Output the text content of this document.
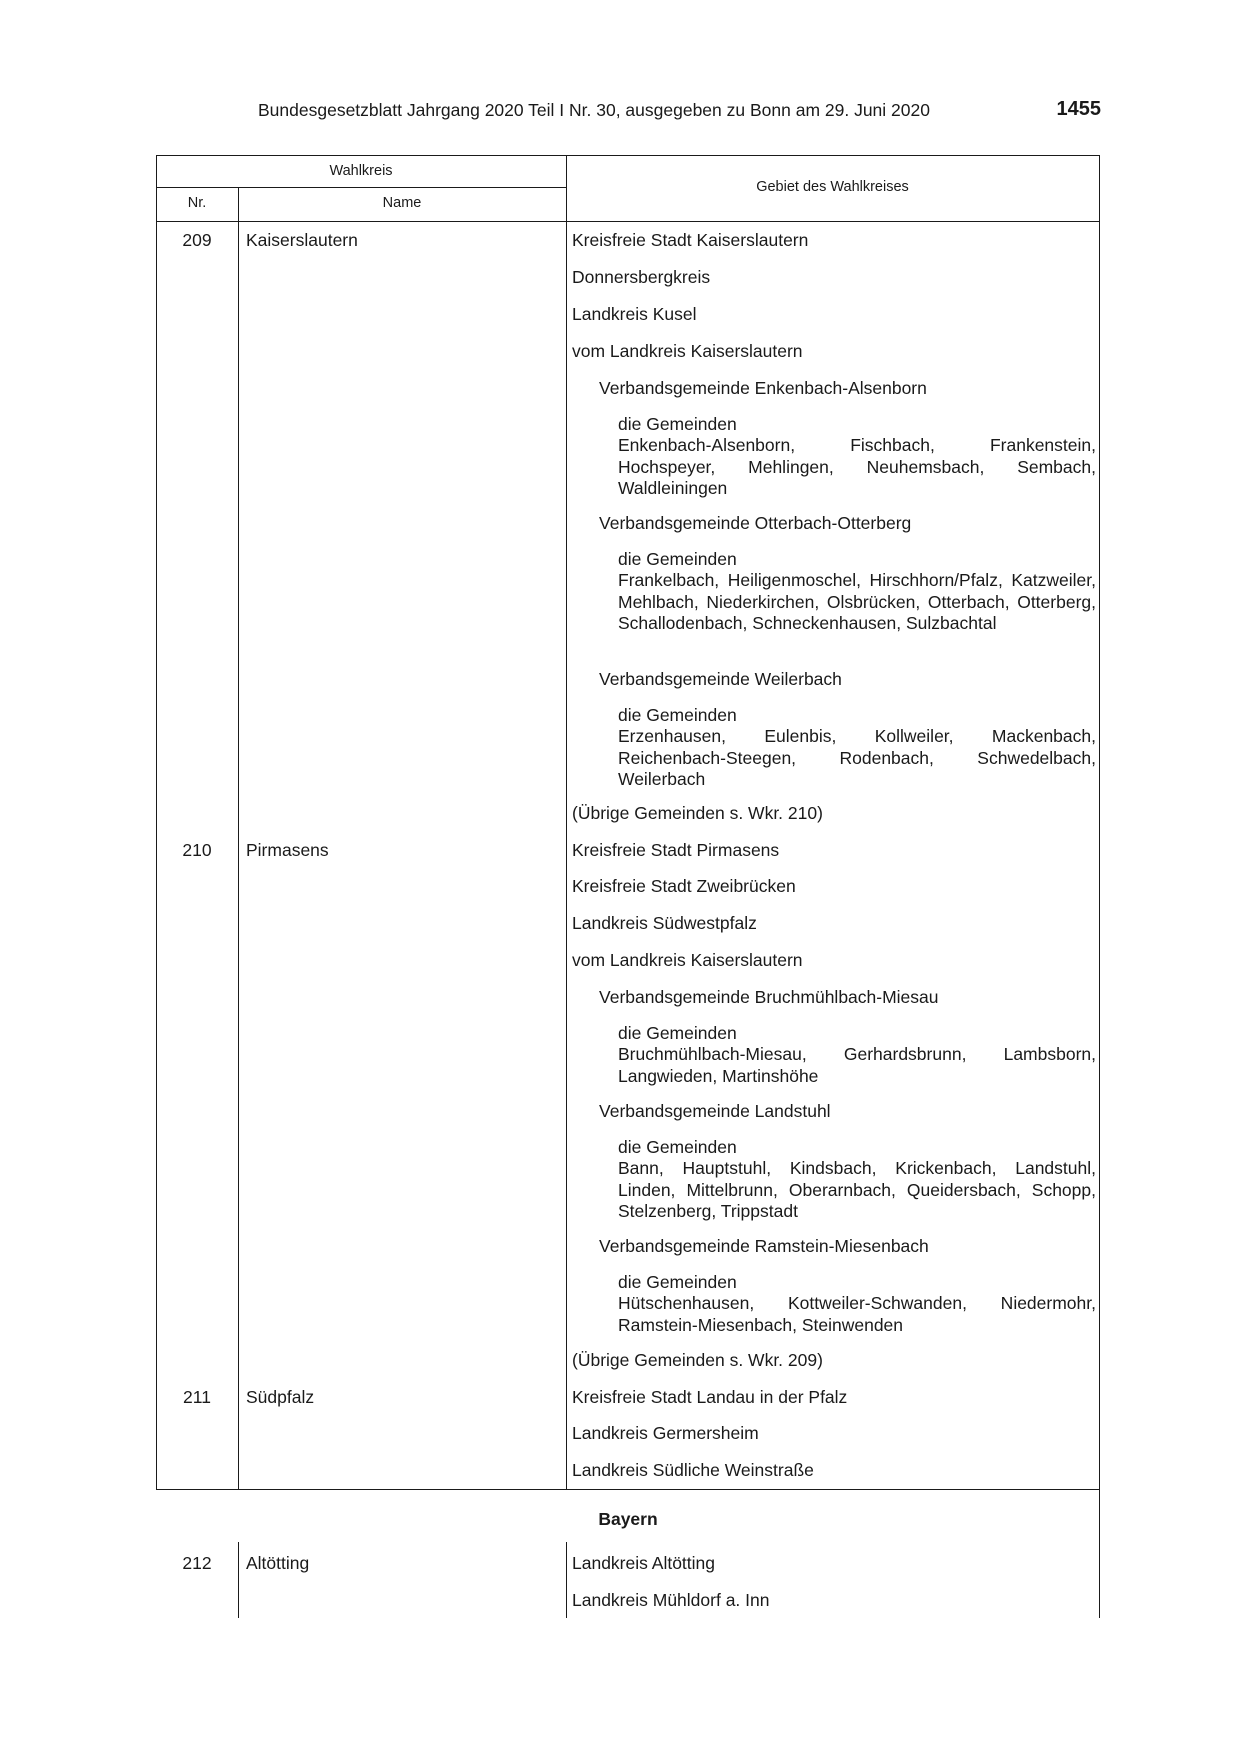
Bundesgesetzblatt Jahrgang 2020 Teil I Nr. 30, ausgegeben zu Bonn am 29. Juni 2020	1455
Wahlkreis
Nr.	Name
Gebiet des Wahlkreises
209	Kaiserslautern	Kreisfreie Stadt Kaiserslautern
Donnersbergkreis
Landkreis Kusel
vom Landkreis Kaiserslautern
Verbandsgemeinde Enkenbach-Alsenborn
die Gemeinden
Enkenbach-Alsenborn, Fischbach, Frankenstein, Hochspeyer, Mehlingen, Neuhemsbach, Sembach, Waldleiningen
Verbandsgemeinde Otterbach-Otterberg
die Gemeinden
Frankelbach, Heiligenmoschel, Hirschhorn/Pfalz, Katzweiler, Mehlbach, Niederkirchen, Olsbrücken, Otterbach, Otterberg, Schallodenbach, Schneckenhausen, Sulzbachtal
Verbandsgemeinde Weilerbach
die Gemeinden
Erzenhausen, Eulenbis, Kollweiler, Mackenbach, Reichenbach-Steegen, Rodenbach, Schwedelbach, Weilerbach
(Übrige Gemeinden s. Wkr. 210)
210	Pirmasens	Kreisfreie Stadt Pirmasens
Kreisfreie Stadt Zweibrücken
Landkreis Südwestpfalz
vom Landkreis Kaiserslautern
Verbandsgemeinde Bruchmühlbach-Miesau
die Gemeinden
Bruchmühlbach-Miesau, Gerhardsbrunn, Lambsborn, Langwieden, Martinshöhe
Verbandsgemeinde Landstuhl
die Gemeinden
Bann, Hauptstuhl, Kindsbach, Krickenbach, Landstuhl, Linden, Mittelbrunn, Oberarnbach, Queidersbach, Schopp, Stelzenberg, Trippstadt
Verbandsgemeinde Ramstein-Miesenbach
die Gemeinden
Hütschenhausen, Kottweiler-Schwanden, Niedermohr, Ramstein-Miesenbach, Steinwenden
(Übrige Gemeinden s. Wkr. 209)
211	Südpfalz	Kreisfreie Stadt Landau in der Pfalz
Landkreis Germersheim
Landkreis Südliche Weinstraße
Bayern
212	Altötting	Landkreis Altötting
Landkreis Mühldorf a. Inn
